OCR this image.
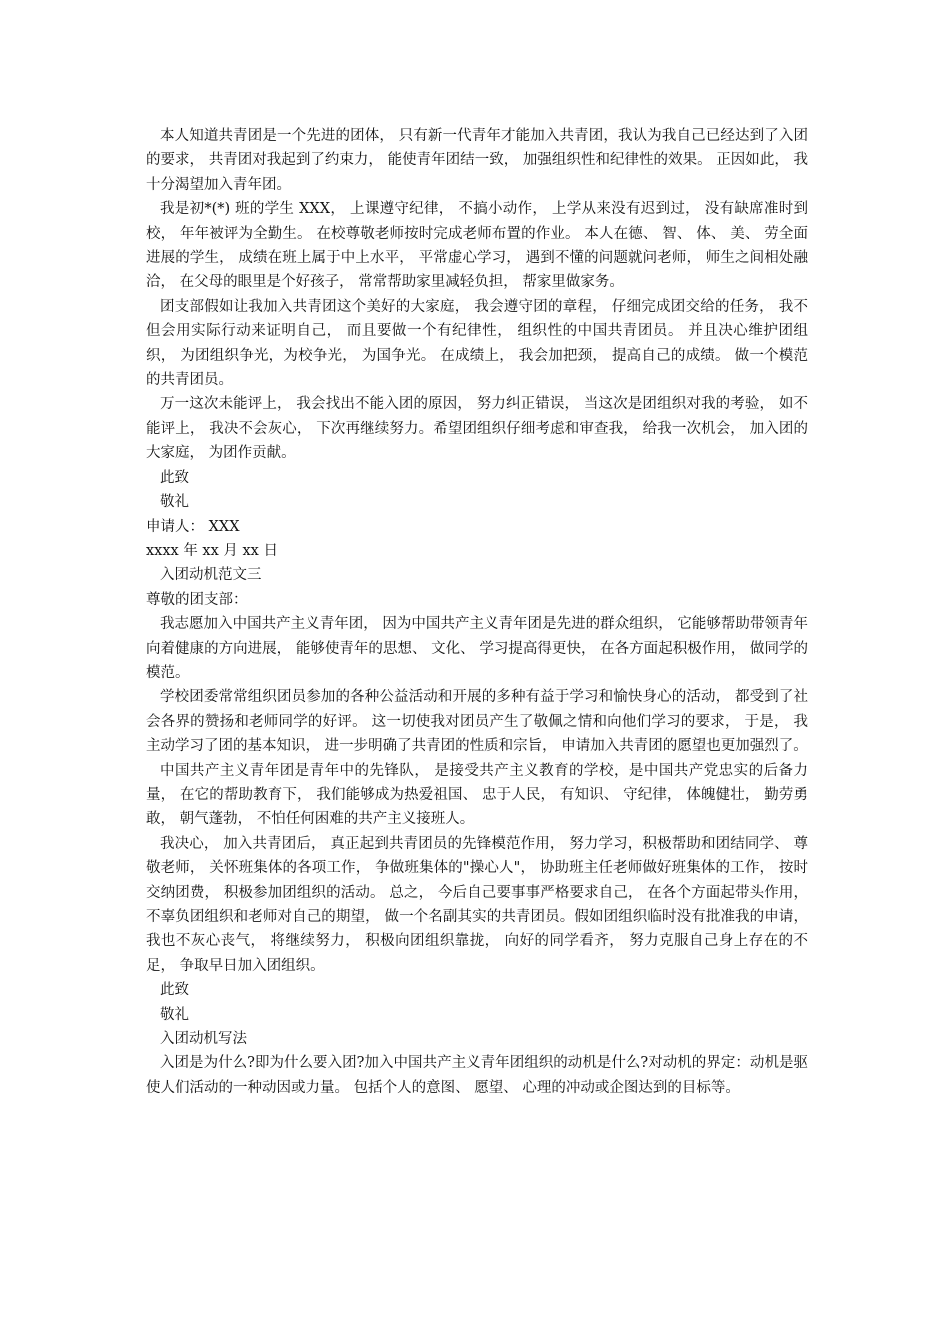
本人知道共青团是一个先进的团体， 只有新一代青年才能加入共青团，我认为我自己已经达到了入团的要求， 共青团对我起到了约束力， 能使青年团结一致， 加强组织性和纪律性的效果。 正因如此， 我十分渴望加入青年团。

我是初*(*) 班的学生 XXX， 上课遵守纪律， 不搞小动作， 上学从来没有迟到过， 没有缺席准时到校， 年年被评为全勤生。 在校尊敬老师按时完成老师布置的作业。 本人在德、 智、 体、 美、 劳全面进展的学生， 成绩在班上属于中上水平， 平常虚心学习， 遇到不懂的问题就问老师， 师生之间相处融洽， 在父母的眼里是个好孩子， 常常帮助家里减轻负担， 帮家里做家务。

团支部假如让我加入共青团这个美好的大家庭， 我会遵守团的章程， 仔细完成团交给的任务， 我不但会用实际行动来证明自己， 而且要做一个有纪律性， 组织性的中国共青团员。 并且决心维护团组织， 为团组织争光，为校争光， 为国争光。 在成绩上， 我会加把颈， 提高自己的成绩。 做一个模范的共青团员。

万一这次未能评上， 我会找出不能入团的原因， 努力纠正错误， 当这次是团组织对我的考验， 如不能评上， 我决不会灰心， 下次再继续努力。希望团组织仔细考虑和审查我， 给我一次机会， 加入团的大家庭， 为团作贡献。

此致

敬礼

申请人： XXX

xxxx 年 xx 月 xx 日

入团动机范文三

尊敬的团支部：

我志愿加入中国共产主义青年团， 因为中国共产主义青年团是先进的群众组织， 它能够帮助带领青年向着健康的方向进展， 能够使青年的思想、 文化、 学习提高得更快， 在各方面起积极作用， 做同学的模范。

学校团委常常组织团员参加的各种公益活动和开展的多种有益于学习和愉快身心的活动， 都受到了社会各界的赞扬和老师同学的好评。 这一切使我对团员产生了敬佩之情和向他们学习的要求， 于是， 我主动学习了团的基本知识， 进一步明确了共青团的性质和宗旨， 申请加入共青团的愿望也更加强烈了。

中国共产主义青年团是青年中的先锋队， 是接受共产主义教育的学校，是中国共产党忠实的后备力量， 在它的帮助教育下， 我们能够成为热爱祖国、 忠于人民， 有知识、 守纪律， 体魄健壮， 勤劳勇敢， 朝气蓬勃， 不怕任何困难的共产主义接班人。

我决心， 加入共青团后， 真正起到共青团员的先锋模范作用， 努力学习，积极帮助和团结同学、 尊敬老师， 关怀班集体的各项工作， 争做班集体的"操心人"， 协助班主任老师做好班集体的工作， 按时交纳团费， 积极参加团组织的活动。 总之， 今后自己要事事严格要求自己， 在各个方面起带头作用， 不辜负团组织和老师对自己的期望， 做一个名副其实的共青团员。假如团组织临时没有批准我的申请， 我也不灰心丧气， 将继续努力， 积极向团组织靠拢， 向好的同学看齐， 努力克服自己身上存在的不足， 争取早日加入团组织。

此致

敬礼

入团动机写法

入团是为什么?即为什么要入团?加入中国共产主义青年团组织的动机是什么?对动机的界定：动机是驱使人们活动的一种动因或力量。 包括个人的意图、 愿望、 心理的冲动或企图达到的目标等。
